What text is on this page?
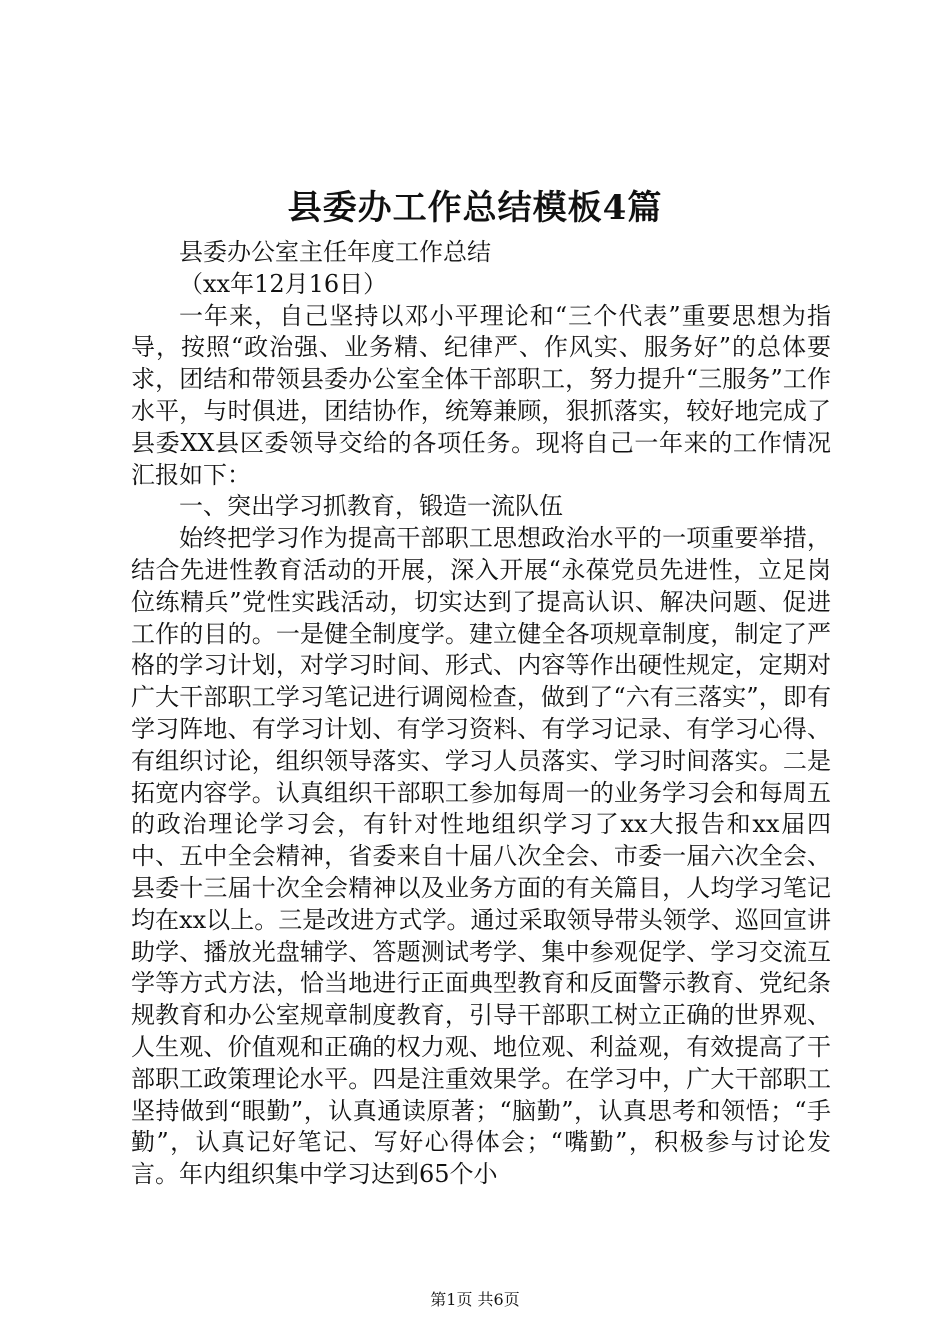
县委办工作总结模板4篇

县委办公室主任年度工作总结

（xx年12月16日）

一年来，自己坚持以邓小平理论和“三个代表”重要思想为指导，按照“政治强、业务精、纪律严、作风实、服务好”的总体要求，团结和带领县委办公室全体干部职工，努力提升“三服务”工作水平，与时俱进，团结协作，统筹兼顾，狠抓落实，较好地完成了县委XX县区委领导交给的各项任务。现将自己一年来的工作情况汇报如下：

一、突出学习抓教育，锻造一流队伍

始终把学习作为提高干部职工思想政治水平的一项重要举措，结合先进性教育活动的开展，深入开展“永葆党员先进性，立足岗位练精兵”党性实践活动，切实达到了提高认识、解决问题、促进工作的目的。一是健全制度学。建立健全各项规章制度，制定了严格的学习计划，对学习时间、形式、内容等作出硬性规定，定期对广大干部职工学习笔记进行调阅检查，做到了“六有三落实”，即有学习阵地、有学习计划、有学习资料、有学习记录、有学习心得、有组织讨论，组织领导落实、学习人员落实、学习时间落实。二是拓宽内容学。认真组织干部职工参加每周一的业务学习会和每周五的政治理论学习会，有针对性地组织学习了xx大报告和xx届四中、五中全会精神，省委来自十届八次全会、市委一届六次全会、县委十三届十次全会精神以及业务方面的有关篇目，人均学习笔记均在xx以上。三是改进方式学。通过采取领导带头领学、巡回宣讲助学、播放光盘辅学、答题测试考学、集中参观促学、学习交流互学等方式方法，恰当地进行正面典型教育和反面警示教育、党纪条规教育和办公室规章制度教育，引导干部职工树立正确的世界观、人生观、价值观和正确的权力观、地位观、利益观，有效提高了干部职工政策理论水平。四是注重效果学。在学习中，广大干部职工坚持做到“眼勤”，认真通读原著；“脑勤”，认真思考和领悟；“手勤”，认真记好笔记、写好心得体会；“嘴勤”，积极参与讨论发言。年内组织集中学习达到65个小

第1页 共6页
